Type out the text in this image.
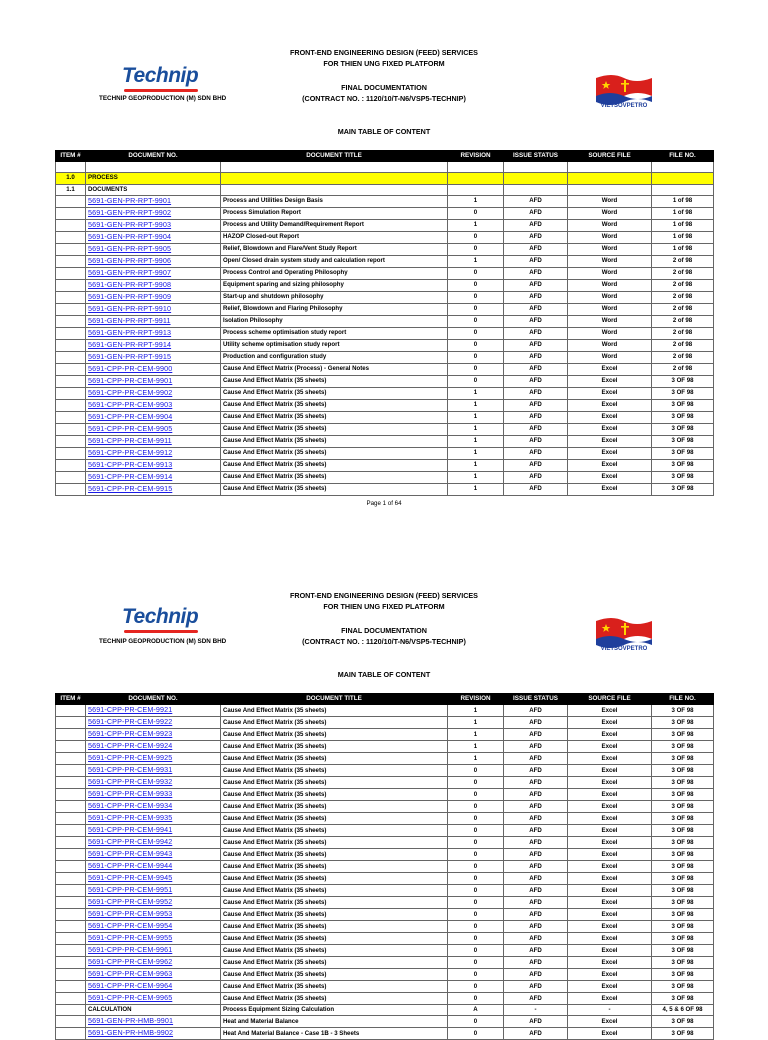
FRONT-END ENGINEERING DESIGN (FEED) SERVICES
FOR THIEN UNG FIXED PLATFORM
FINAL DOCUMENTATION
(CONTRACT NO. : 1120/10/T-N6/VSP5-TECHNIP)
MAIN TABLE OF CONTENT
Technip
TECHNIP GEOPRODUCTION (M) SDN BHD
VIETSOVPETRO
ITEM #	DOCUMENT NO.	DOCUMENT TITLE	REVISION	ISSUE STATUS	SOURCE FILE	FILE NO.

1.0	PROCESS					
1.1	DOCUMENTS					
	5691-GEN-PR-RPT-9901	Process and Utilities Design Basis	1	AFD	Word	1 of 98
	5691-GEN-PR-RPT-9902	Process Simulation Report	0	AFD	Word	1 of 98
	5691-GEN-PR-RPT-9903	Process and Utility Demand/Requirement Report	1	AFD	Word	1 of 98
	5691-GEN-PR-RPT-9904	HAZOP Closed-out Report	0	AFD	Word	1 of 98
	5691-GEN-PR-RPT-9905	Relief, Blowdown and Flare/Vent Study Report	0	AFD	Word	1 of 98
	5691-GEN-PR-RPT-9906	Open/ Closed drain system study and calculation report	1	AFD	Word	2 of 98
	5691-GEN-PR-RPT-9907	Process Control and Operating Philosophy	0	AFD	Word	2 of 98
	5691-GEN-PR-RPT-9908	Equipment sparing and sizing philosophy	0	AFD	Word	2 of 98
	5691-GEN-PR-RPT-9909	Start-up and shutdown philosophy	0	AFD	Word	2 of 98
	5691-GEN-PR-RPT-9910	Relief, Blowdown and Flaring Philosophy	0	AFD	Word	2 of 98
	5691-GEN-PR-RPT-9911	Isolation Philosophy	0	AFD	Word	2 of 98
	5691-GEN-PR-RPT-9913	Process scheme optimisation study report	0	AFD	Word	2 of 98
	5691-GEN-PR-RPT-9914	Utility scheme optimisation study report	0	AFD	Word	2 of 98
	5691-GEN-PR-RPT-9915	Production and configuration study	0	AFD	Word	2 of 98
	5691-CPP-PR-CEM-9900	Cause And Effect Matrix (Process) - General Notes	0	AFD	Excel	2 of 98
	5691-CPP-PR-CEM-9901	Cause And Effect Matrix (35 sheets)	0	AFD	Excel	3 OF 98
	5691-CPP-PR-CEM-9902	Cause And Effect Matrix (35 sheets)	1	AFD	Excel	3 OF 98
	5691-CPP-PR-CEM-9903	Cause And Effect Matrix (35 sheets)	1	AFD	Excel	3 OF 98
	5691-CPP-PR-CEM-9904	Cause And Effect Matrix (35 sheets)	1	AFD	Excel	3 OF 98
	5691-CPP-PR-CEM-9905	Cause And Effect Matrix (35 sheets)	1	AFD	Excel	3 OF 98
	5691-CPP-PR-CEM-9911	Cause And Effect Matrix (35 sheets)	1	AFD	Excel	3 OF 98
	5691-CPP-PR-CEM-9912	Cause And Effect Matrix (35 sheets)	1	AFD	Excel	3 OF 98
	5691-CPP-PR-CEM-9913	Cause And Effect Matrix (35 sheets)	1	AFD	Excel	3 OF 98
	5691-CPP-PR-CEM-9914	Cause And Effect Matrix (35 sheets)	1	AFD	Excel	3 OF 98
	5691-CPP-PR-CEM-9915	Cause And Effect Matrix (35 sheets)	1	AFD	Excel	3 OF 98
Page 1 of 64
FRONT-END ENGINEERING DESIGN (FEED) SERVICES
FOR THIEN UNG FIXED PLATFORM
FINAL DOCUMENTATION
(CONTRACT NO. : 1120/10/T-N6/VSP5-TECHNIP)
MAIN TABLE OF CONTENT
Technip
TECHNIP GEOPRODUCTION (M) SDN BHD
VIETSOVPETRO
ITEM #	DOCUMENT NO.	DOCUMENT TITLE	REVISION	ISSUE STATUS	SOURCE FILE	FILE NO.
	5691-CPP-PR-CEM-9921	Cause And Effect Matrix (35 sheets)	1	AFD	Excel	3 OF 98
	5691-CPP-PR-CEM-9922	Cause And Effect Matrix (35 sheets)	1	AFD	Excel	3 OF 98
	5691-CPP-PR-CEM-9923	Cause And Effect Matrix (35 sheets)	1	AFD	Excel	3 OF 98
	5691-CPP-PR-CEM-9924	Cause And Effect Matrix (35 sheets)	1	AFD	Excel	3 OF 98
	5691-CPP-PR-CEM-9925	Cause And Effect Matrix (35 sheets)	1	AFD	Excel	3 OF 98
	5691-CPP-PR-CEM-9931	Cause And Effect Matrix (35 sheets)	0	AFD	Excel	3 OF 98
	5691-CPP-PR-CEM-9932	Cause And Effect Matrix (35 sheets)	0	AFD	Excel	3 OF 98
	5691-CPP-PR-CEM-9933	Cause And Effect Matrix (35 sheets)	0	AFD	Excel	3 OF 98
	5691-CPP-PR-CEM-9934	Cause And Effect Matrix (35 sheets)	0	AFD	Excel	3 OF 98
	5691-CPP-PR-CEM-9935	Cause And Effect Matrix (35 sheets)	0	AFD	Excel	3 OF 98
	5691-CPP-PR-CEM-9941	Cause And Effect Matrix (35 sheets)	0	AFD	Excel	3 OF 98
	5691-CPP-PR-CEM-9942	Cause And Effect Matrix (35 sheets)	0	AFD	Excel	3 OF 98
	5691-CPP-PR-CEM-9943	Cause And Effect Matrix (35 sheets)	0	AFD	Excel	3 OF 98
	5691-CPP-PR-CEM-9944	Cause And Effect Matrix (35 sheets)	0	AFD	Excel	3 OF 98
	5691-CPP-PR-CEM-9945	Cause And Effect Matrix (35 sheets)	0	AFD	Excel	3 OF 98
	5691-CPP-PR-CEM-9951	Cause And Effect Matrix (35 sheets)	0	AFD	Excel	3 OF 98
	5691-CPP-PR-CEM-9952	Cause And Effect Matrix (35 sheets)	0	AFD	Excel	3 OF 98
	5691-CPP-PR-CEM-9953	Cause And Effect Matrix (35 sheets)	0	AFD	Excel	3 OF 98
	5691-CPP-PR-CEM-9954	Cause And Effect Matrix (35 sheets)	0	AFD	Excel	3 OF 98
	5691-CPP-PR-CEM-9955	Cause And Effect Matrix (35 sheets)	0	AFD	Excel	3 OF 98
	5691-CPP-PR-CEM-9961	Cause And Effect Matrix (35 sheets)	0	AFD	Excel	3 OF 98
	5691-CPP-PR-CEM-9962	Cause And Effect Matrix (35 sheets)	0	AFD	Excel	3 OF 98
	5691-CPP-PR-CEM-9963	Cause And Effect Matrix (35 sheets)	0	AFD	Excel	3 OF 98
	5691-CPP-PR-CEM-9964	Cause And Effect Matrix (35 sheets)	0	AFD	Excel	3 OF 98
	5691-CPP-PR-CEM-9965	Cause And Effect Matrix (35 sheets)	0	AFD	Excel	3 OF 98
	CALCULATION	Process Equipment Sizing Calculation	A	-	-	4, 5 & 6 OF 98
	5691-GEN-PR-HMB-9901	Heat and Material Balance	0	AFD	Excel	3 OF 98
	5691-GEN-PR-HMB-9902	Heat And Material Balance - Case 1B - 3 Sheets	0	AFD	Excel	3 OF 98
